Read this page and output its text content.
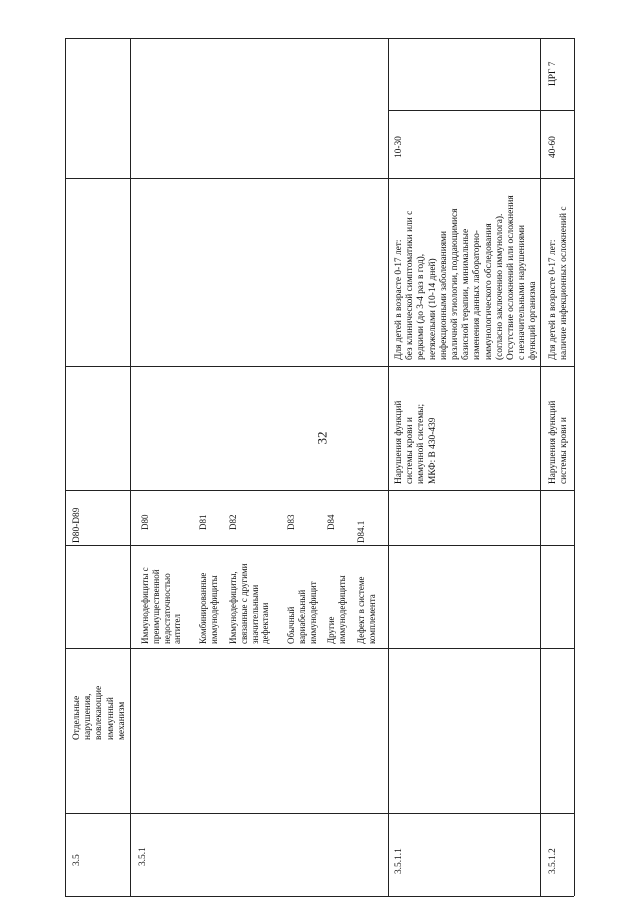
32
3.5
Отдельные нарушения, вовлекающие иммунный механизм
D80-D89
3.5.1
Иммунодефициты с преимущественной недостаточностью антител
D80
Комбинированные иммунодефициты
D81
Иммунодефициты, связанные с другими значительными дефектами
D82
Обычный вариабельный иммунодефицит
D83
Другие иммунодефициты
D84
Дефект в системе комплемента
D84.1
3.5.1.1
Нарушения функций системы крови и иммунной системы; МКФ: В 430-439
Для детей в возрасте 0-17 лет: без клинической симптоматики или с редкими (до 3-4 раз в год), нетяжелыми (10-14 дней) инфекционными заболеваниями различной этиологии, поддающимися базисной терапии, минимальные изменения данных лабораторно- иммунологического обследования (согласно заключению иммунолога). Отсутствие осложнений или осложнения с незначительными нарушениями функций организма
10-30
3.5.1.2
Нарушения функций системы крови и
Для детей в возрасте 0-17 лет: наличие инфекционных осложнений с
40-60
ЦРГ 7
